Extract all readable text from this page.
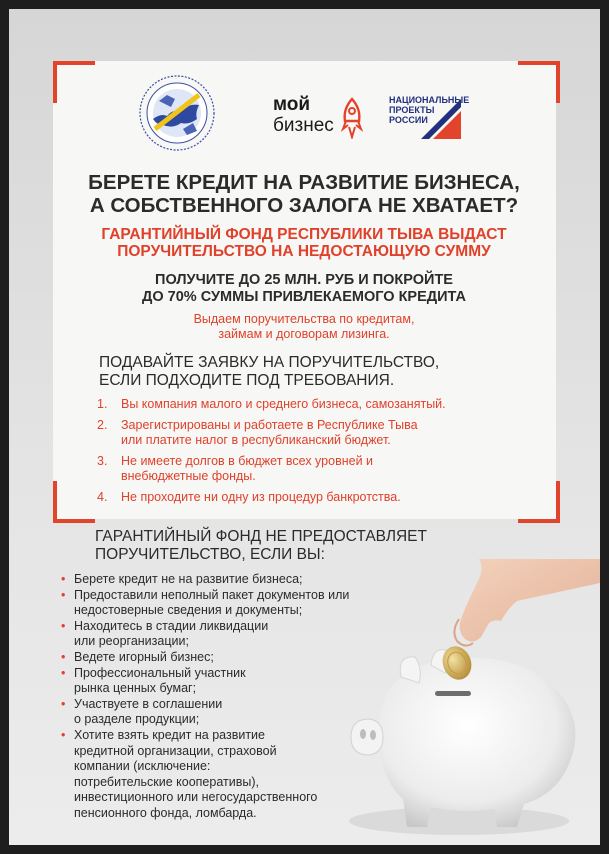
мой
бизнес
НАЦИОНАЛЬНЫЕ
ПРОЕКТЫ
РОССИИ
БЕРЕТЕ КРЕДИТ НА РАЗВИТИЕ БИЗНЕСА,
А СОБСТВЕННОГО ЗАЛОГА НЕ ХВАТАЕТ?
ГАРАНТИЙНЫЙ ФОНД РЕСПУБЛИКИ ТЫВА ВЫДАСТ
ПОРУЧИТЕЛЬСТВО НА НЕДОСТАЮЩУЮ СУММУ
ПОЛУЧИТЕ ДО 25 МЛН. РУБ И ПОКРОЙТЕ
ДО 70% СУММЫ ПРИВЛЕКАЕМОГО КРЕДИТА
Выдаем поручительства по кредитам,
займам и договорам лизинга.
ПОДАВАЙТЕ ЗАЯВКУ НА ПОРУЧИТЕЛЬСТВО,
ЕСЛИ ПОДХОДИТЕ ПОД ТРЕБОВАНИЯ.
1. Вы компания малого и среднего бизнеса, самозанятый.
2. Зарегистрированы и работаете в Республике Тыва
или платите налог в республиканский бюджет.
3. Не имеете долгов в бюджет всех уровней и
внебюджетные фонды.
4. Не проходите ни одну из процедур банкротства.
ГАРАНТИЙНЫЙ ФОНД НЕ ПРЕДОСТАВЛЯЕТ
ПОРУЧИТЕЛЬСТВО, ЕСЛИ ВЫ:
• Берете кредит не на развитие бизнеса;
• Предоставили неполный пакет документов или
недостоверные сведения и документы;
• Находитесь в стадии ликвидации
или реорганизации;
• Ведете игорный бизнес;
• Профессиональный участник
рынка ценных бумаг;
• Участвуете в соглашении
о разделе продукции;
• Хотите взять кредит на развитие
кредитной организации, страховой
компании (исключение:
потребительские кооперативы),
инвестиционного или негосударственного
пенсионного фонда, ломбарда.
